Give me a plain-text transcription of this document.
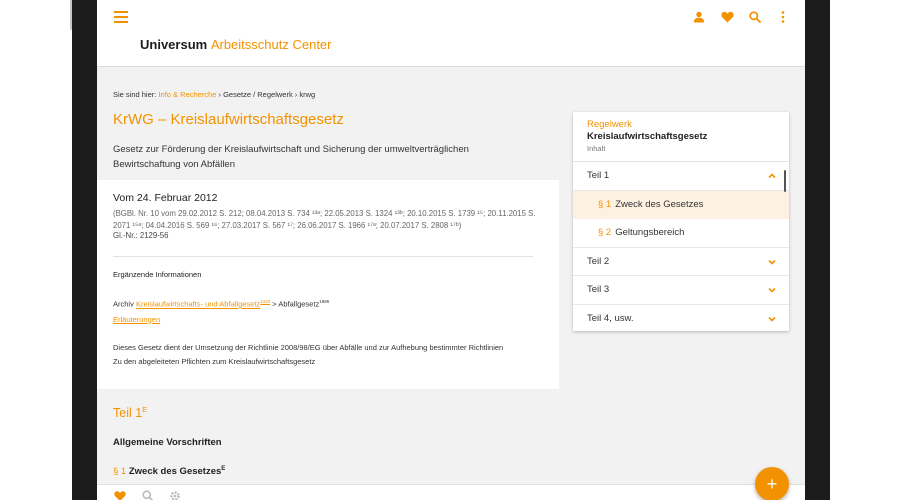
Universum Arbeitsschutz Center
Sie sind hier: Info & Recherche › Gesetze / Regelwerk › krwg
KrWG – Kreislaufwirtschaftsgesetz
Gesetz zur Förderung der Kreislaufwirtschaft und Sicherung der umweltverträglichen Bewirtschaftung von Abfällen
Vom 24. Februar 2012
(BGBl. Nr. 10 vom 29.02.2012 S. 212; 08.04.2013 S. 734 ¹³ᵃ; 22.05.2013 S. 1324 ¹³ᵇ; 20.10.2015 S. 1739 ¹⁵; 20.11.2015 S. 2071 ¹⁵ᵃ; 04.04.2016 S. 569 ¹⁶; 27.03.2017 S. 567 ¹⁷; 26.06.2017 S. 1966 ¹⁷ᵃ; 20.07.2017 S. 2808 ¹⁷ᵇ)
Gl.-Nr.: 2129-56
Ergänzende Informationen
Archiv Kreislaufwirtschafts- und Abfallgesetz$^{1333}$ > Abfallgesetz$^{1986}$
Erläuterungen
Dieses Gesetz dient der Umsetzung der Richtlinie 2008/98/EG über Abfälle und zur Aufhebung bestimmter Richtlinien
Zu den abgeleiteten Pflichten zum Kreislaufwirtschaftsgesetz
Teil $1^E$
Allgemeine Vorschriften
§ 1 Zweck des Gesetzes$^E$
Regelwerk
Kreislaufwirtschaftsgesetz
Inhalt
Teil 1
§ 1 Zweck des Gesetzes
§ 2 Geltungsbereich
Teil 2
Teil 3
Teil 4, usw.
+
